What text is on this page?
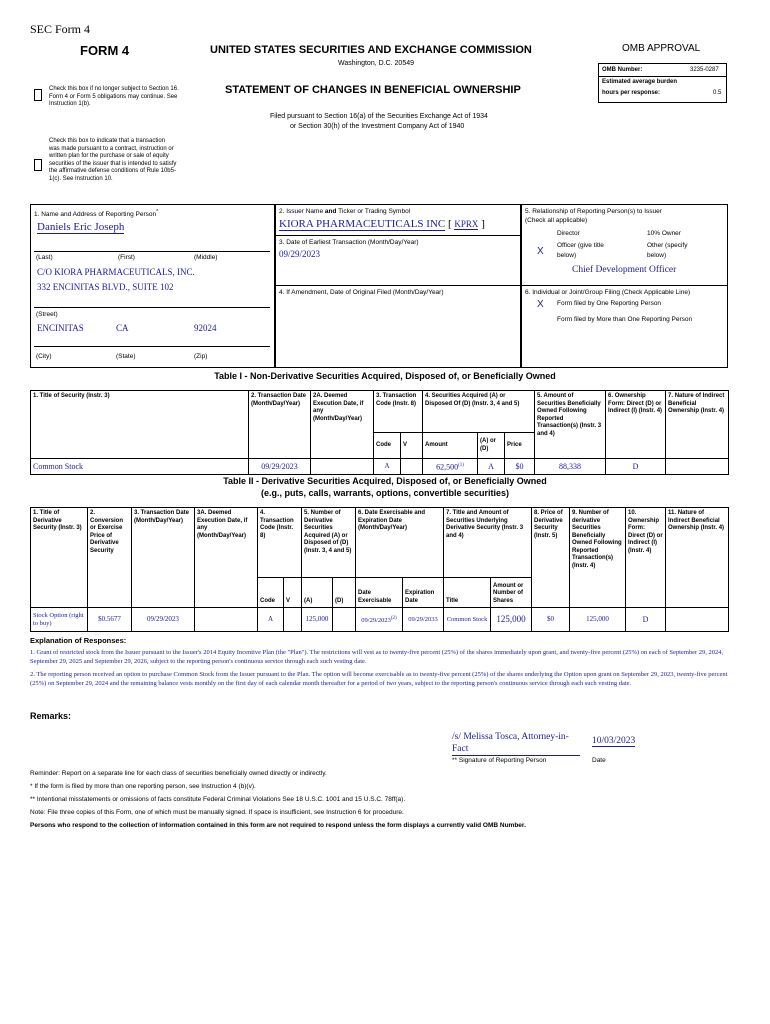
SEC Form 4
FORM 4
Check this box if no longer subject to Section 16. Form 4 or Form 5 obligations may continue. See Instruction 1(b).
UNITED STATES SECURITIES AND EXCHANGE COMMISSION
Washington, D.C. 20549
STATEMENT OF CHANGES IN BENEFICIAL OWNERSHIP
Filed pursuant to Section 16(a) of the Securities Exchange Act of 1934
or Section 30(h) of the Investment Company Act of 1940
OMB APPROVAL
OMB Number:	3235-0287
Estimated average burden
hours per response:	0.5
Check this box to indicate that a transaction was made pursuant to a contract, instruction or written plan for the purchase or sale of equity securities of the issuer that is intended to satisfy the affirmative defense conditions of Rule 10b5-1(c). See Instruction 10.
1. Name and Address of Reporting Person*
Daniels Eric Joseph
(Last)	(First)	(Middle)
C/O KIORA PHARMACEUTICALS, INC.
332 ENCINITAS BLVD., SUITE 102
(Street)
ENCINITAS	CA	92024
(City)	(State)	(Zip)
2. Issuer Name and Ticker or Trading Symbol
KIORA PHARMACEUTICALS INC [ KPRX ]
3. Date of Earliest Transaction (Month/Day/Year)
09/29/2023
4. If Amendment, Date of Original Filed (Month/Day/Year)
5. Relationship of Reporting Person(s) to Issuer
(Check all applicable)
Director	10% Owner
X
Officer (give title
below)
Other (specify
below)
Chief Development Officer
6. Individual or Joint/Group Filing (Check Applicable Line)
X Form filed by One Reporting Person
Form filed by More than One Reporting Person
Table I - Non-Derivative Securities Acquired, Disposed of, or Beneficially Owned
1. Title of Security (Instr. 3)	2. Transaction Date (Month/Day/Year)	2A. Deemed Execution Date, if any (Month/Day/Year)	3. Transaction Code (Instr. 8)		4. Securities Acquired (A) or Disposed Of (D) (Instr. 3, 4 and 5)			5. Amount of Securities Beneficially Owned Following Reported Transaction(s) (Instr. 3 and 4)	6. Ownership Form: Direct (D) or Indirect (I) (Instr. 4)	7. Nature of Indirect Beneficial Ownership (Instr. 4)
			Code	V	Amount	(A) or (D)	Price			
Common Stock	09/29/2023		A		62,500$^{(1)}$	A	$0	88,338	D	
Table II - Derivative Securities Acquired, Disposed of, or Beneficially Owned
(e.g., puts, calls, warrants, options, convertible securities)
1. Title of Derivative Security (Instr. 3)	2. Conversion or Exercise Price of Derivative Security	3. Transaction Date (Month/Day/Year)	3A. Deemed Execution Date, if any (Month/Day/Year)	4. Transaction Code (Instr. 8)		5. Number of Derivative Securities Acquired (A) or Disposed of (D) (Instr. 3, 4 and 5)		6. Date Exercisable and Expiration Date (Month/Day/Year)		7. Title and Amount of Securities Underlying Derivative Security (Instr. 3 and 4)		8. Price of Derivative Security (Instr. 5)	9. Number of derivative Securities Beneficially Owned Following Reported Transaction(s) (Instr. 4)	10. Ownership Form: Direct (D) or Indirect (I) (Instr. 4)	11. Nature of Indirect Beneficial Ownership (Instr. 4)
				Code	V	(A)	(D)	Date Exercisable	Expiration Date	Title	Amount or Number of Shares				
Stock Option (right to buy)	$0.5677	09/29/2023		A		125,000		09/29/2023$^{(2)}$	09/29/2033	Common Stock	125,000	$0	125,000	D	
Explanation of Responses:
1. Grant of restricted stock from the Issuer pursuant to the Issuer's 2014 Equity Incentive Plan (the "Plan"). The restrictions will vest as to twenty-five percent (25%) of the shares immediately upon grant, and twenty-five percent (25%) on each of September 29, 2024, September 29, 2025 and September 29, 2026, subject to the reporting person's continuous service through each such vesting date.
2. The reporting person received an option to purchase Common Stock from the Issuer pursuant to the Plan. The option will become exercisable as to twenty-five percent (25%) of the shares underlying the Option upon grant on September 29, 2023, twenty-five percent (25%) on September 29, 2024 and the remaining balance vests monthly on the first day of each calendar month thereafter for a period of two years, subject to the reporting person's continuous service through each such vesting date.
Remarks:
/s/ Melissa Tosca, Attorney-in-Fact
10/03/2023
** Signature of Reporting Person	Date
Reminder: Report on a separate line for each class of securities beneficially owned directly or indirectly.
* If the form is filed by more than one reporting person, see Instruction 4 (b)(v).
** Intentional misstatements or omissions of facts constitute Federal Criminal Violations See 18 U.S.C. 1001 and 15 U.S.C. 78ff(a).
Note: File three copies of this Form, one of which must be manually signed. If space is insufficient, see Instruction 6 for procedure.
Persons who respond to the collection of information contained in this form are not required to respond unless the form displays a currently valid OMB Number.
